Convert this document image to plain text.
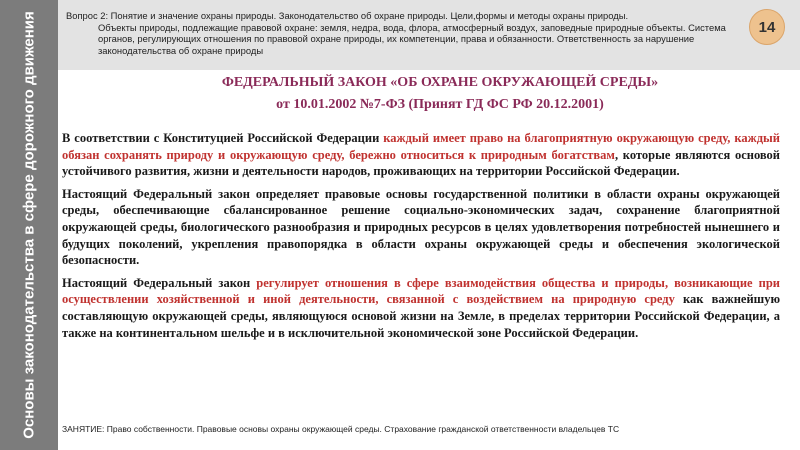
Основы законодательства в сфере дорожного движения	Вопрос 2: Понятие и значение охраны природы. Законодательство об охране природы. Цели,формы и методы охраны природы.
Объекты природы, подлежащие правовой охране: земля, недра, вода, флора, атмосферный воздух, заповедные природные объекты. Система органов, регулирующих отношения по правовой охране природы, их компетенции, права и обязанности. Ответственность за нарушение законодательства об охране природы
14
ФЕДЕРАЛЬНЫЙ ЗАКОН «ОБ ОХРАНЕ ОКРУЖАЮЩЕЙ СРЕДЫ»
от 10.01.2002 №7-ФЗ (Принят ГД ФС РФ 20.12.2001)

В соответствии с Конституцией Российской Федерации каждый имеет право на благоприятную окружающую среду, каждый обязан сохранять природу и окружающую среду, бережно относиться к природным богатствам, которые являются основой устойчивого развития, жизни и деятельности народов, проживающих на территории Российской Федерации.

Настоящий Федеральный закон определяет правовые основы государственной политики в области охраны окружающей среды, обеспечивающие сбалансированное решение социально-экономических задач, сохранение благоприятной окружающей среды, биологического разнообразия и природных ресурсов в целях удовлетворения потребностей нынешнего и будущих поколений, укрепления правопорядка в области охраны окружающей среды и обеспечения экологической безопасности.

Настоящий Федеральный закон регулирует отношения в сфере взаимодействия общества и природы, возникающие при осуществлении хозяйственной и иной деятельности, связанной с воздействием на природную среду как важнейшую составляющую окружающей среды, являющуюся основой жизни на Земле, в пределах территории Российской Федерации, а также на континентальном шельфе и в исключительной экономической зоне Российской Федерации.

ЗАНЯТИЕ: Право собственности. Правовые основы охраны окружающей среды. Страхование гражданской ответственности владельцев ТС
